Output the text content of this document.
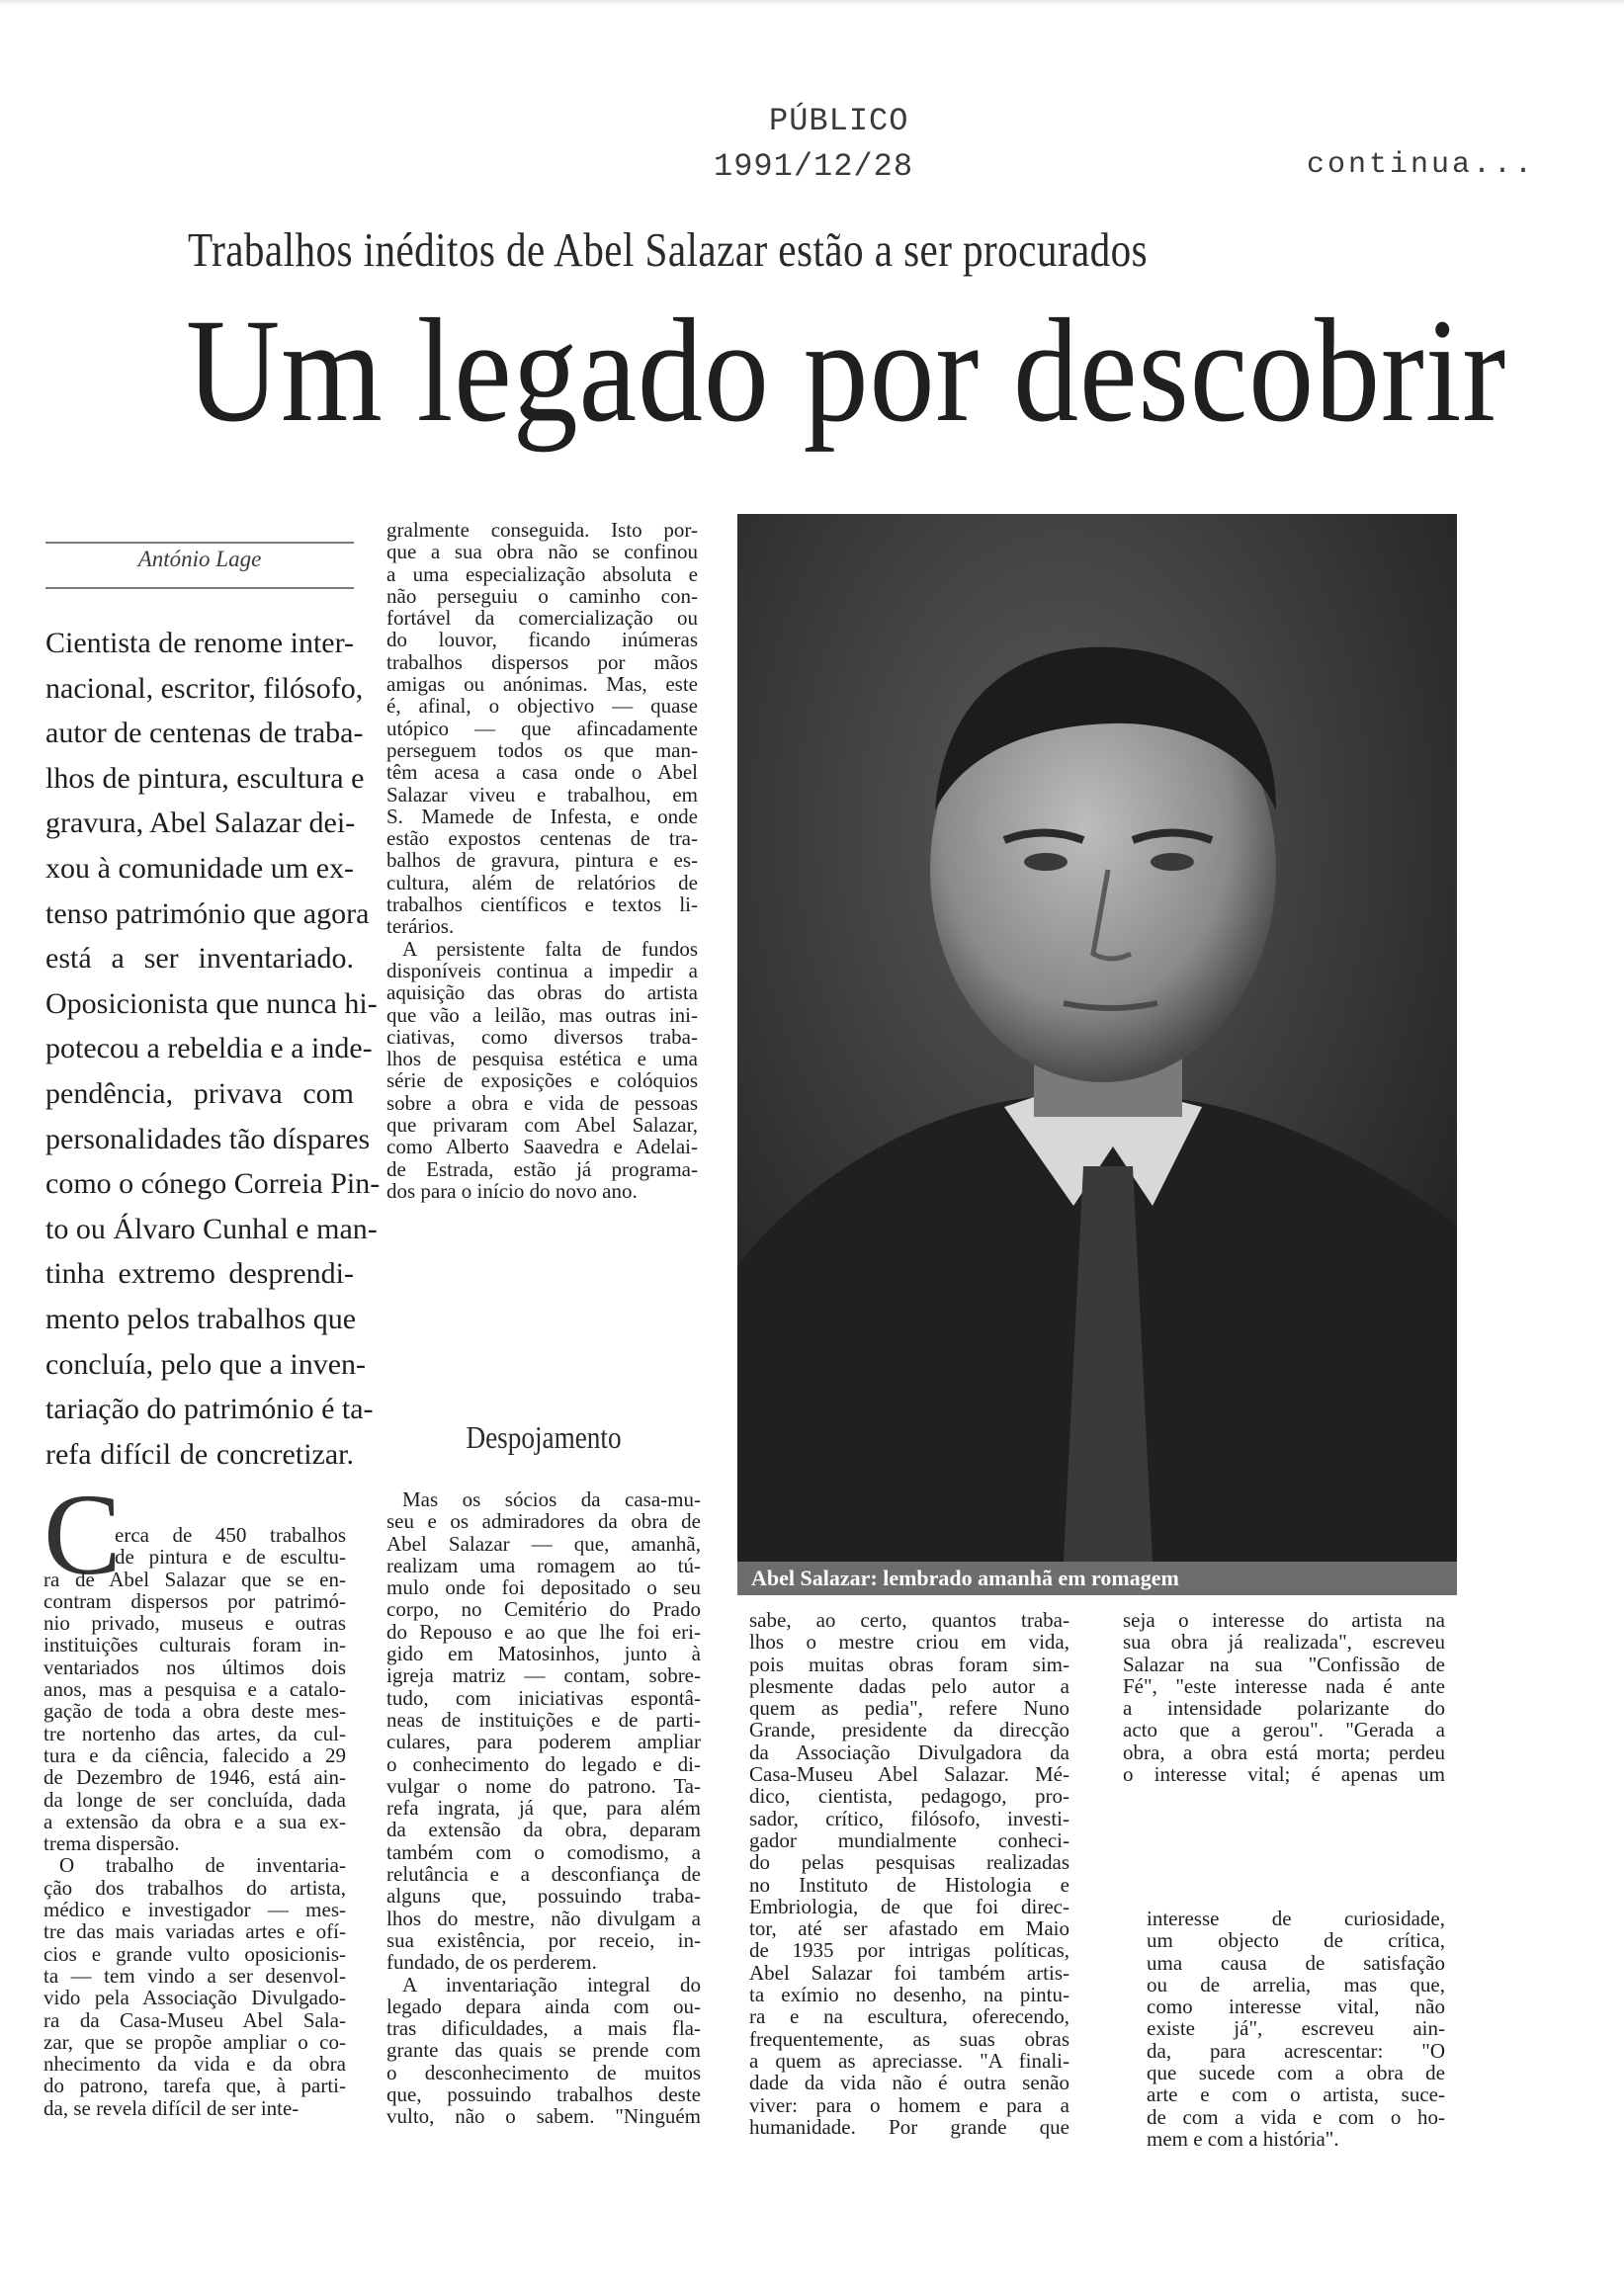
PÚBLICO
1991/12/28	continua...
Trabalhos inéditos de Abel Salazar estão a ser procurados
Um legado por descobrir
António Lage
Cientista de renome inter-
nacional, escritor, filósofo,
autor de centenas de traba-
lhos de pintura, escultura e
gravura, Abel Salazar dei-
xou à comunidade um ex-
tenso património que agora
está a ser inventariado.
Oposicionista que nunca hi-
potecou a rebeldia e a inde-
pendência, privava com
personalidades tão díspares
como o cónego Correia Pin-
to ou Álvaro Cunhal e man-
tinha extremo desprendi-
mento pelos trabalhos que
concluía, pelo que a inven-
tariação do património é ta-
refa difícil de concretizar.
C
erca de 450 trabalhos
de pintura e de escultu-
ra de Abel Salazar que se en-
contram dispersos por patrimó-
nio privado, museus e outras
instituições culturais foram in-
ventariados nos últimos dois
anos, mas a pesquisa e a catalo-
gação de toda a obra deste mes-
tre nortenho das artes, da cul-
tura e da ciência, falecido a 29
de Dezembro de 1946, está ain-
da longe de ser concluída, dada
a extensão da obra e a sua ex-
trema dispersão.
O trabalho de inventaria-
ção dos trabalhos do artista,
médico e investigador — mes-
tre das mais variadas artes e ofí-
cios e grande vulto oposicionis-
ta — tem vindo a ser desenvol-
vido pela Associação Divulgado-
ra da Casa-Museu Abel Sala-
zar, que se propõe ampliar o co-
nhecimento da vida e da obra
do patrono, tarefa que, à parti-
da, se revela difícil de ser inte-
gralmente conseguida. Isto por-
que a sua obra não se confinou
a uma especialização absoluta e
não perseguiu o caminho con-
fortável da comercialização ou
do louvor, ficando inúmeras
trabalhos dispersos por mãos
amigas ou anónimas. Mas, este
é, afinal, o objectivo — quase
utópico — que afincadamente
perseguem todos os que man-
têm acesa a casa onde o Abel
Salazar viveu e trabalhou, em
S. Mamede de Infesta, e onde
estão expostos centenas de tra-
balhos de gravura, pintura e es-
cultura, além de relatórios de
trabalhos científicos e textos li-
terários.
A persistente falta de fundos
disponíveis continua a impedir a
aquisição das obras do artista
que vão a leilão, mas outras ini-
ciativas, como diversos traba-
lhos de pesquisa estética e uma
série de exposições e colóquios
sobre a obra e vida de pessoas
que privaram com Abel Salazar,
como Alberto Saavedra e Adelai-
de Estrada, estão já programa-
dos para o início do novo ano.
Despojamento
Mas os sócios da casa-mu-
seu e os admiradores da obra de
Abel Salazar — que, amanhã,
realizam uma romagem ao tú-
mulo onde foi depositado o seu
corpo, no Cemitério do Prado
do Repouso e ao que lhe foi eri-
gido em Matosinhos, junto à
igreja matriz — contam, sobre-
tudo, com iniciativas espontâ-
neas de instituições e de parti-
culares, para poderem ampliar
o conhecimento do legado e di-
vulgar o nome do patrono. Ta-
refa ingrata, já que, para além
da extensão da obra, deparam
também com o comodismo, a
relutância e a desconfiança de
alguns que, possuindo traba-
lhos do mestre, não divulgam a
sua existência, por receio, in-
fundado, de os perderem.
A inventariação integral do
legado depara ainda com ou-
tras dificuldades, a mais fla-
grante das quais se prende com
o desconhecimento de muitos
que, possuindo trabalhos deste
vulto, não o sabem. "Ninguém
Abel Salazar: lembrado amanhã em romagem
sabe, ao certo, quantos traba-
lhos o mestre criou em vida,
pois muitas obras foram sim-
plesmente dadas pelo autor a
quem as pedia", refere Nuno
Grande, presidente da direcção
da Associação Divulgadora da
Casa-Museu Abel Salazar. Mé-
dico, cientista, pedagogo, pro-
sador, crítico, filósofo, investi-
gador mundialmente conheci-
do pelas pesquisas realizadas
no Instituto de Histologia e
Embriologia, de que foi direc-
tor, até ser afastado em Maio
de 1935 por intrigas políticas,
Abel Salazar foi também artis-
ta exímio no desenho, na pintu-
ra e na escultura, oferecendo,
frequentemente, as suas obras
a quem as apreciasse. "A finali-
dade da vida não é outra senão
viver: para o homem e para a
humanidade. Por grande que
seja o interesse do artista na
sua obra já realizada", escreveu
Salazar na sua "Confissão de
Fé", "este interesse nada é ante
a intensidade polarizante do
acto que a gerou". "Gerada a
obra, a obra está morta; perdeu
o interesse vital; é apenas um
interesse de curiosidade,
um objecto de crítica,
uma causa de satisfação
ou de arrelia, mas que,
como interesse vital, não
existe já", escreveu ain-
da, para acrescentar: "O
que sucede com a obra de
arte e com o artista, suce-
de com a vida e com o ho-
mem e com a história".
